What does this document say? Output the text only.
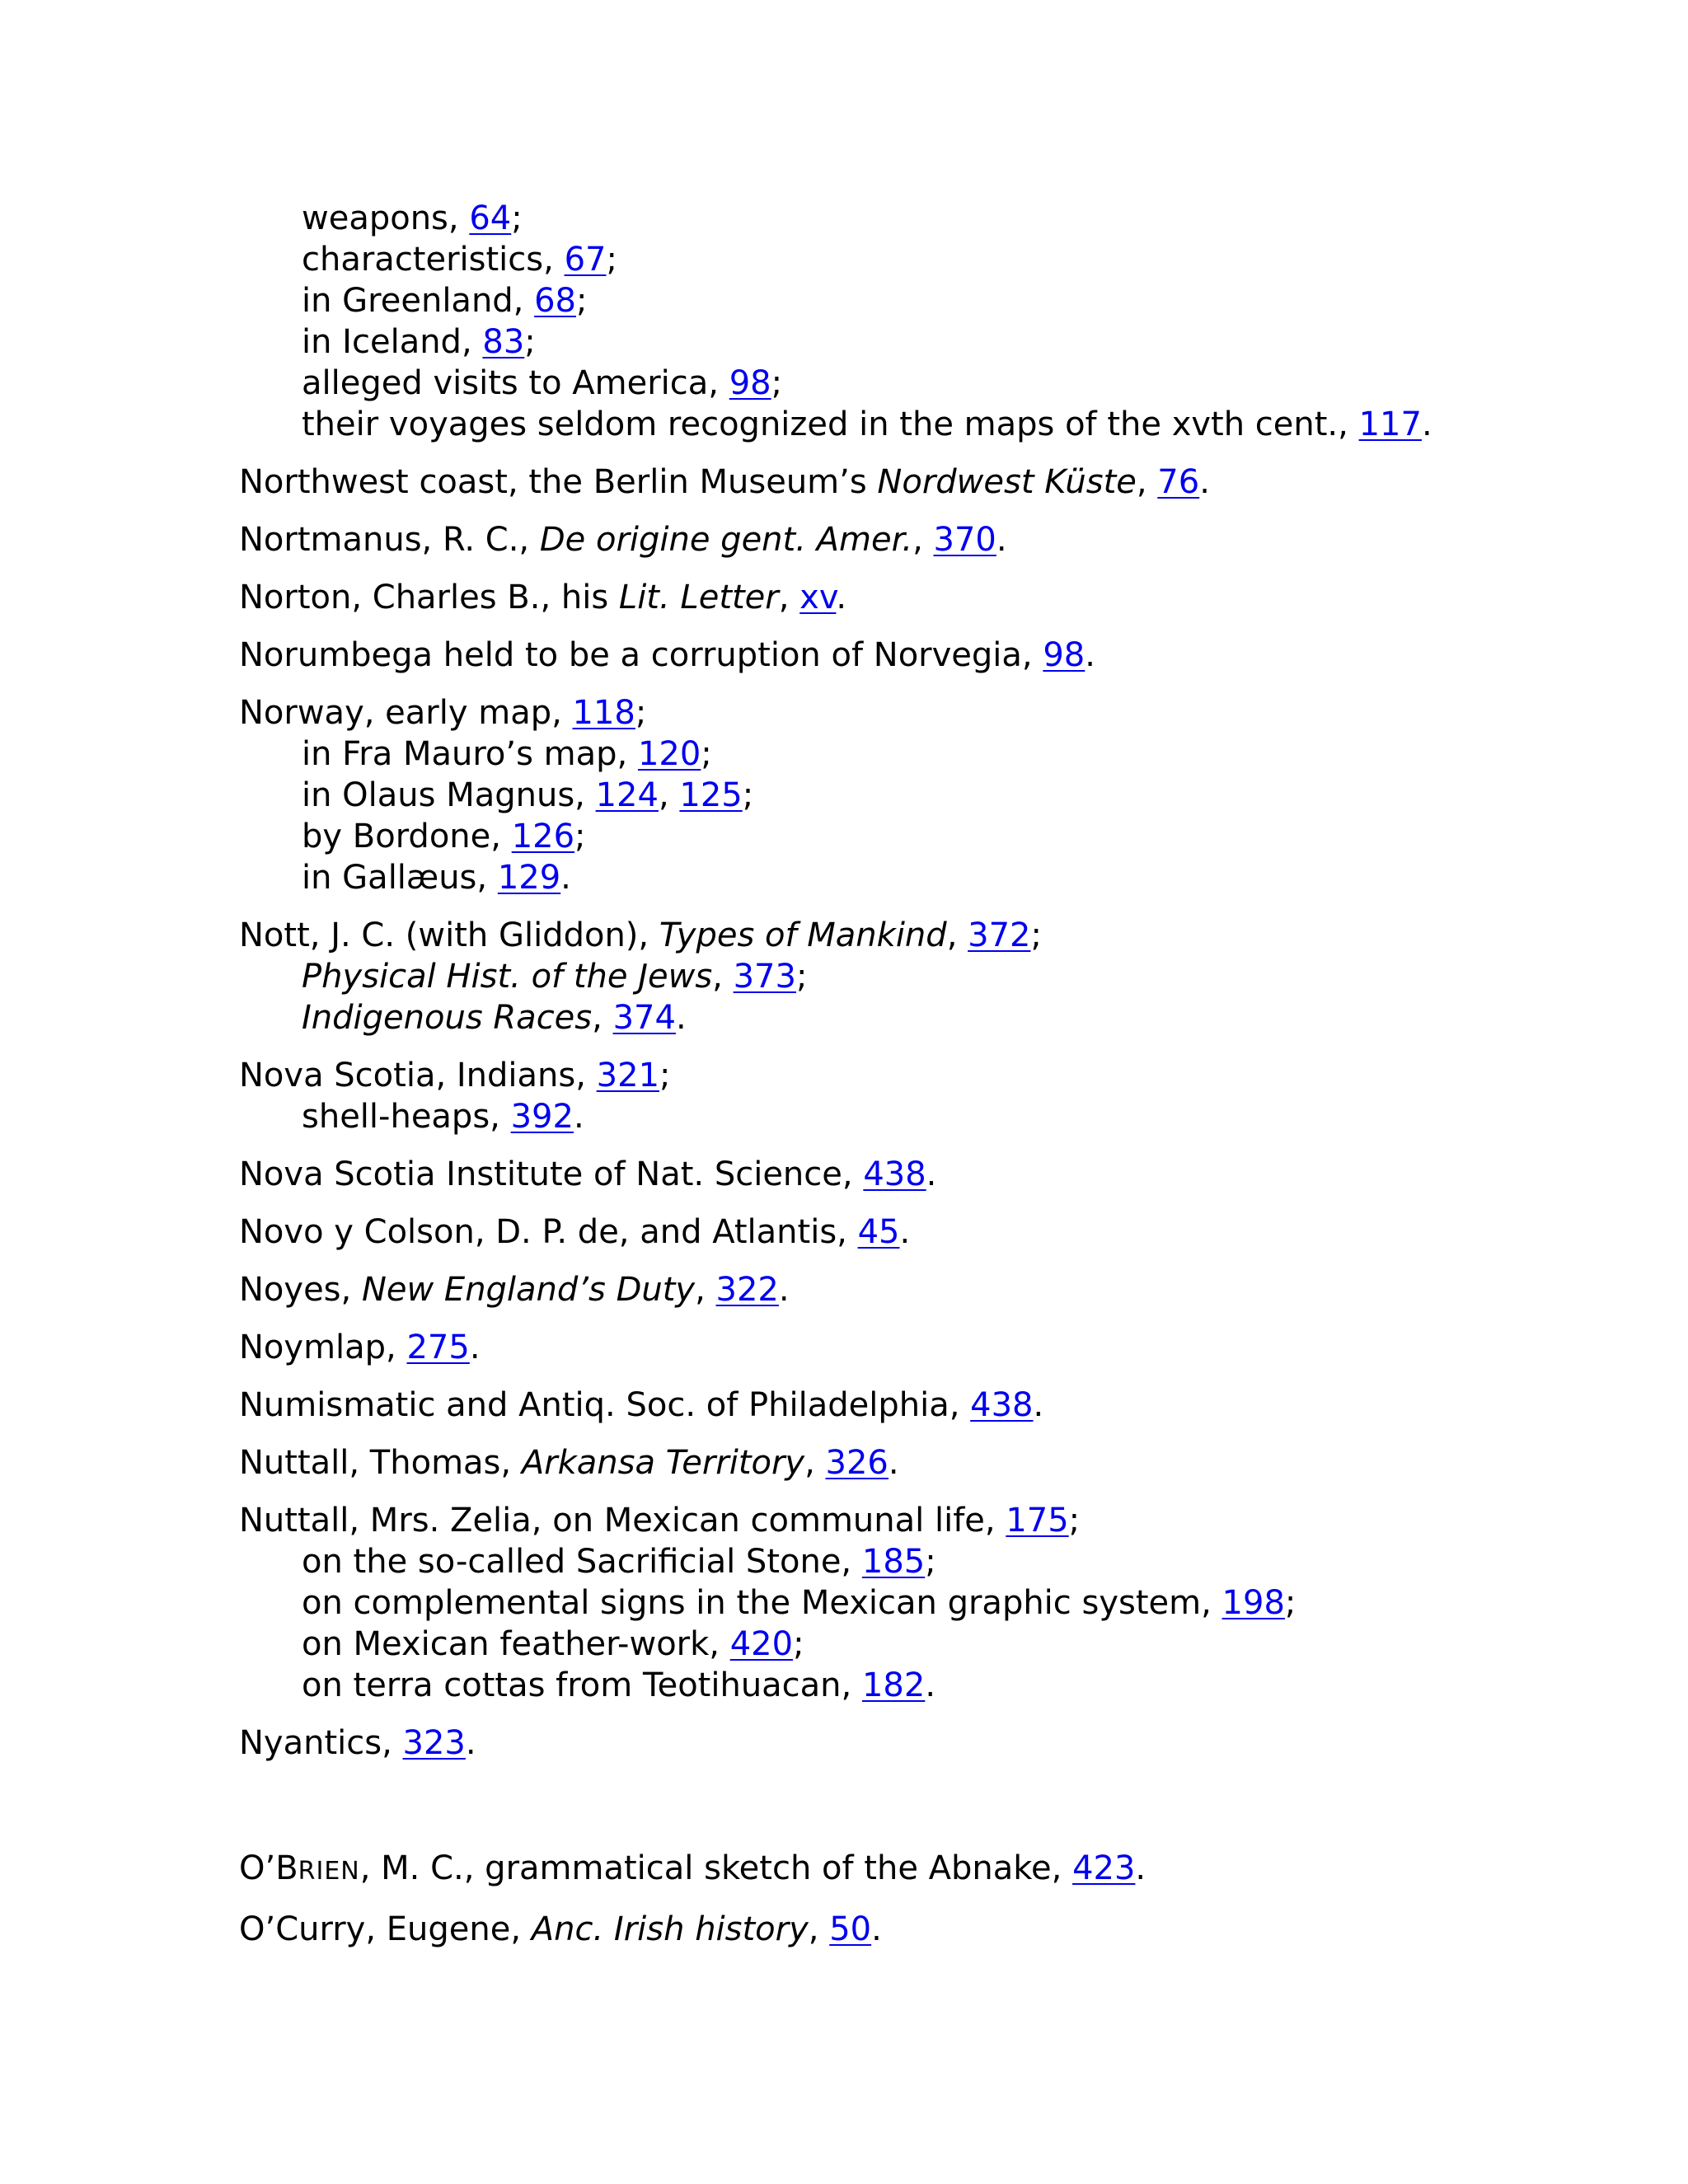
weapons, 64;
characteristics, 67;
in Greenland, 68;
in Iceland, 83;
alleged visits to America, 98;
their voyages seldom recognized in the maps of the xvth cent., 117.
Northwest coast, the Berlin Museum’s Nordwest Küste, 76.
Nortmanus, R. C., De origine gent. Amer., 370.
Norton, Charles B., his Lit. Letter, xv.
Norumbega held to be a corruption of Norvegia, 98.
Norway, early map, 118;
in Fra Mauro’s map, 120;
in Olaus Magnus, 124, 125;
by Bordone, 126;
in Gallæus, 129.
Nott, J. C. (with Gliddon), Types of Mankind, 372;
Physical Hist. of the Jews, 373;
Indigenous Races, 374.
Nova Scotia, Indians, 321;
shell-heaps, 392.
Nova Scotia Institute of Nat. Science, 438.
Novo y Colson, D. P. de, and Atlantis, 45.
Noyes, New England’s Duty, 322.
Noymlap, 275.
Numismatic and Antiq. Soc. of Philadelphia, 438.
Nuttall, Thomas, Arkansa Territory, 326.
Nuttall, Mrs. Zelia, on Mexican communal life, 175;
on the so-called Sacrificial Stone, 185;
on complemental signs in the Mexican graphic system, 198;
on Mexican feather-work, 420;
on terra cottas from Teotihuacan, 182.
Nyantics, 323.
O’BRIEN, M. C., grammatical sketch of the Abnake, 423.
O’Curry, Eugene, Anc. Irish history, 50.
